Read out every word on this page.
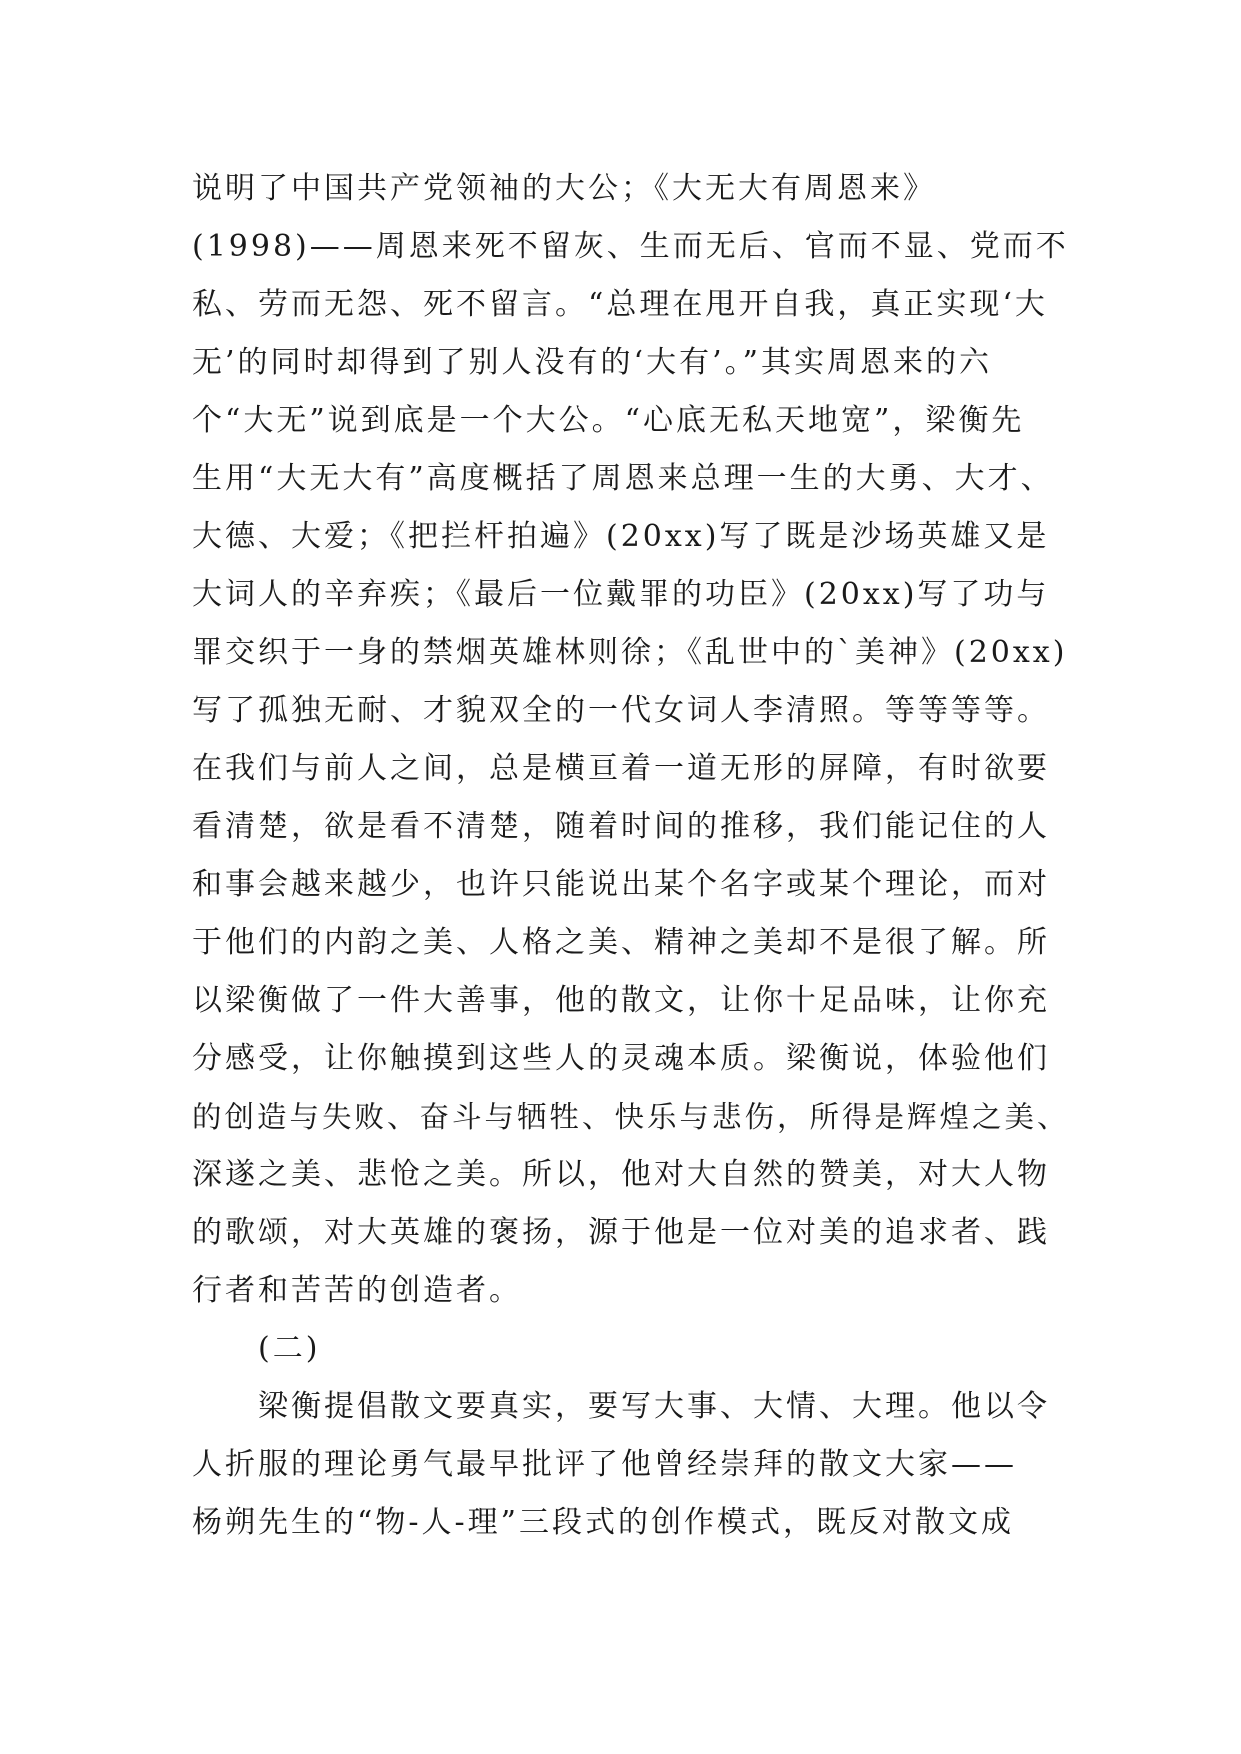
说明了中国共产党领袖的大公；《大无大有周恩来》
(1998)——周恩来死不留灰、生而无后、官而不显、党而不
私、劳而无怨、死不留言。“总理在甩开自我，真正实现‘大
无’的同时却得到了别人没有的‘大有’。”其实周恩来的六
个“大无”说到底是一个大公。“心底无私天地宽”，梁衡先
生用“大无大有”高度概括了周恩来总理一生的大勇、大才、
大德、大爱；《把拦杆拍遍》(20xx)写了既是沙场英雄又是
大词人的辛弃疾；《最后一位戴罪的功臣》(20xx)写了功与
罪交织于一身的禁烟英雄林则徐；《乱世中的`美神》(20xx)
写了孤独无耐、才貌双全的一代女词人李清照。等等等等。
在我们与前人之间，总是横亘着一道无形的屏障，有时欲要
看清楚，欲是看不清楚，随着时间的推移，我们能记住的人
和事会越来越少，也许只能说出某个名字或某个理论，而对
于他们的内韵之美、人格之美、精神之美却不是很了解。所
以梁衡做了一件大善事，他的散文，让你十足品味，让你充
分感受，让你触摸到这些人的灵魂本质。梁衡说，体验他们
的创造与失败、奋斗与牺牲、快乐与悲伤，所得是辉煌之美、
深遂之美、悲怆之美。所以，他对大自然的赞美，对大人物
的歌颂，对大英雄的褒扬，源于他是一位对美的追求者、践
行者和苦苦的创造者。
　　(二)
　　梁衡提倡散文要真实，要写大事、大情、大理。他以令
人折服的理论勇气最早批评了他曾经崇拜的散文大家——
杨朔先生的“物-人-理”三段式的创作模式，既反对散文成
